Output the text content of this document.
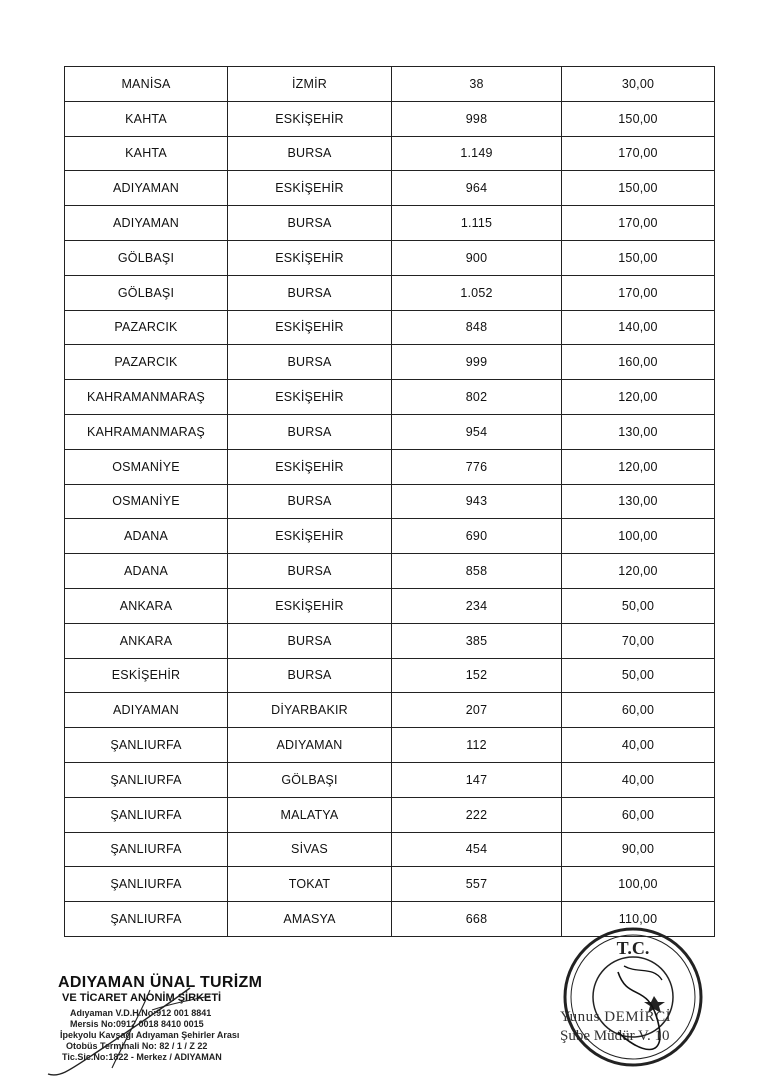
MANİSA	İZMİR	38	30,00
KAHTA	ESKİŞEHİR	998	150,00
KAHTA	BURSA	1.149	170,00
ADIYAMAN	ESKİŞEHİR	964	150,00
ADIYAMAN	BURSA	1.115	170,00
GÖLBAŞI	ESKİŞEHİR	900	150,00
GÖLBAŞI	BURSA	1.052	170,00
PAZARCIK	ESKİŞEHİR	848	140,00
PAZARCIK	BURSA	999	160,00
KAHRAMANMARAŞ	ESKİŞEHİR	802	120,00
KAHRAMANMARAŞ	BURSA	954	130,00
OSMANİYE	ESKİŞEHİR	776	120,00
OSMANİYE	BURSA	943	130,00
ADANA	ESKİŞEHİR	690	100,00
ADANA	BURSA	858	120,00
ANKARA	ESKİŞEHİR	234	50,00
ANKARA	BURSA	385	70,00
ESKİŞEHİR	BURSA	152	50,00
ADIYAMAN	DİYARBAKIR	207	60,00
ŞANLIURFA	ADIYAMAN	112	40,00
ŞANLIURFA	GÖLBAŞI	147	40,00
ŞANLIURFA	MALATYA	222	60,00
ŞANLIURFA	SİVAS	454	90,00
ŞANLIURFA	TOKAT	557	100,00
ŞANLIURFA	AMASYA	668	110,00
ADIYAMAN ÜNAL TURİZM
VE TİCARET ANONİM ŞİRKETİ
Adıyaman V.D.H.No:912 001 8841
Mersis No:0912 0018 8410 0015
İpekyolu Kavşağı Adıyaman Şehirler Arası
Otobüs Terminali No: 82 / 1 / Z 22
Tic.Sic.No:1822 - Merkez / ADIYAMAN
Yunus DEMİRCİ
Şube Müdür V. 10
T.C.
